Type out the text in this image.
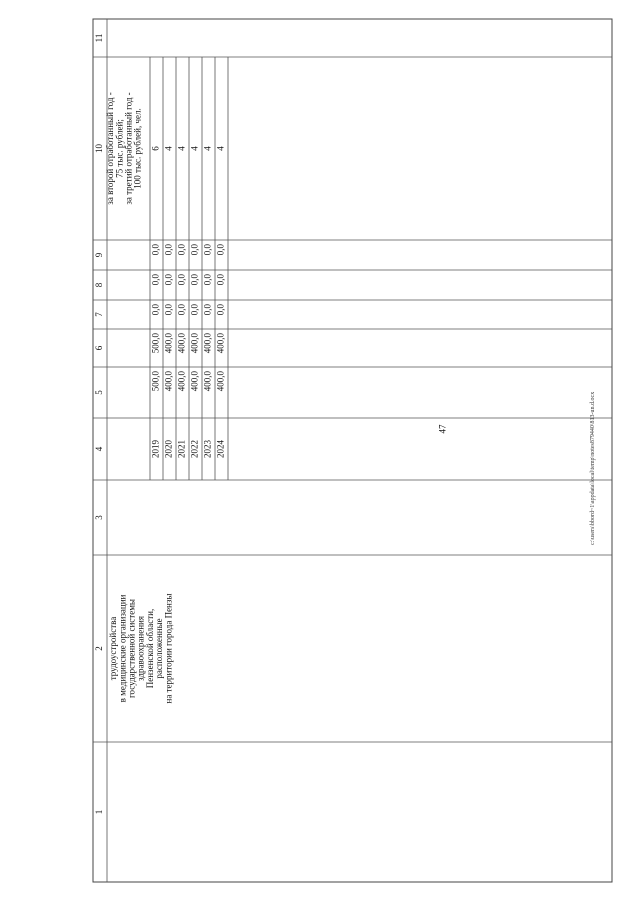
47	c:\users\bbord~1\appdata\local\temp\notes879440\813-un.d.ocx
11
10
9
8
7
6
5
4
3
2
1
трудоустройства в медицинские организации государственной системы здравоохранения Пензенской области, расположенные на территории города Пензы
за второй отработанный год - 75 тыс. рублей; за третий отработанный год - 100 тыс. рублей, чел.
2019
500,0
500,0
0,0
0,0
0,0
6
2020
400,0
400,0
0,0
0,0
0,0
4
2021
400,0
400,0
0,0
0,0
0,0
4
2022
400,0
400,0
0,0
0,0
0,0
4
2023
400,0
400,0
0,0
0,0
0,0
4
2024
400,0
400,0
0,0
0,0
0,0
4
